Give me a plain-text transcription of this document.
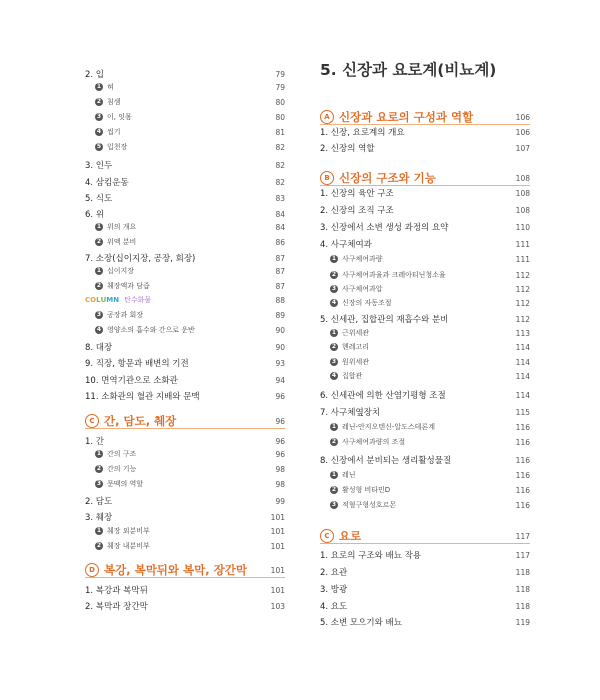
2. 입	79
1 혀	79
2 침샘	80
3 이, 잇몸	80
4 씹기	81
5 입천장	82
3. 인두	82
4. 삼킴운동	82
5. 식도	83
6. 위	84
1 위의 개요	84
2 위액 분비	86
7. 소장(십이지장, 공장, 회장)	87
1 십이지장	87
2 췌장액과 담즙	87
C O L U M N 탄수화물	88
3 공장과 회장	89
4 영양소의 흡수와 간으로 운반	90
8. 대장	90
9. 직장, 항문과 배변의 기전	93
10. 면역기관으로 소화관	94
11. 소화관의 혈관 지배와 문맥	96
C 간, 담도, 췌장	96
1. 간	96
1 간의 구조	96
2 간의 기능	98
3 문맥의 역할	98
2. 담도	99
3. 췌장	101
1 췌장 외분비부	101
2 췌장 내분비부	101
D 복강, 복막뒤와 복막, 장간막	101
1. 복강과 복막뒤	101
2. 복막과 장간막	103
5. 신장과 요로계(비뇨계)
A 신장과 요로의 구성과 역할	106
1. 신장, 요로계의 개요	106
2. 신장의 역할	107
B 신장의 구조와 기능	108
1. 신장의 육안 구조	108
2. 신장의 조직 구조	108
3. 신장에서 소변 생성 과정의 요약	110
4. 사구체여과	111
1 사구체여과량	111
2 사구체여과율과 크레아티닌청소율	112
3 사구체여과압	112
4 신장의 자동조절	112
5. 신세관, 집합관의 재흡수와 분비	112
1 근위세관	113
2 헨레고리	114
3 원위세관	114
4 집합관	114
6. 신세관에 의한 산염기평형 조절	114
7. 사구체옆장치	115
1 레닌-안지오텐신-알도스테론계	116
2 사구체여과량의 조절	116
8. 신장에서 분비되는 생리활성물질	116
1 레닌	116
2 활성형 비타민D	116
3 적혈구형성호르몬	116
C 요로	117
1. 요로의 구조와 배뇨 작용	117
2. 요관	118
3. 방광	118
4. 요도	118
5. 소변 모으기와 배뇨	119
